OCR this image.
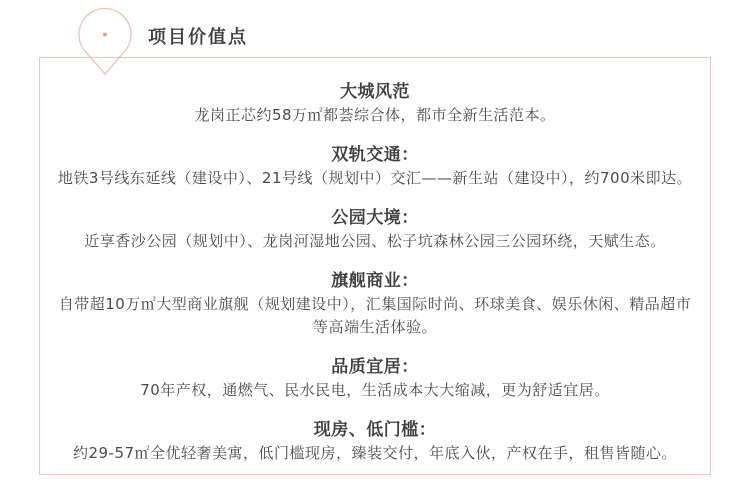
项目价值点
大城风范
龙岗正芯约58万㎡都荟综合体，都市全新生活范本。
双轨交通：
地铁3号线东延线（建设中）、21号线（规划中）交汇——新生站（建设中），约700米即达。
公园大境：
近享香沙公园（规划中）、龙岗河湿地公园、松子坑森林公园三公园环绕，天赋生态。
旗舰商业：
自带超10万㎡大型商业旗舰（规划建设中），汇集国际时尚、环球美食、娱乐休闲、精品超市等高端生活体验。
品质宜居：
70年产权，通燃气、民水民电，生活成本大大缩减，更为舒适宜居。
现房、低门槛：
约29-57㎡全优轻奢美寓，低门槛现房，臻装交付，年底入伙，产权在手，租售皆随心。
